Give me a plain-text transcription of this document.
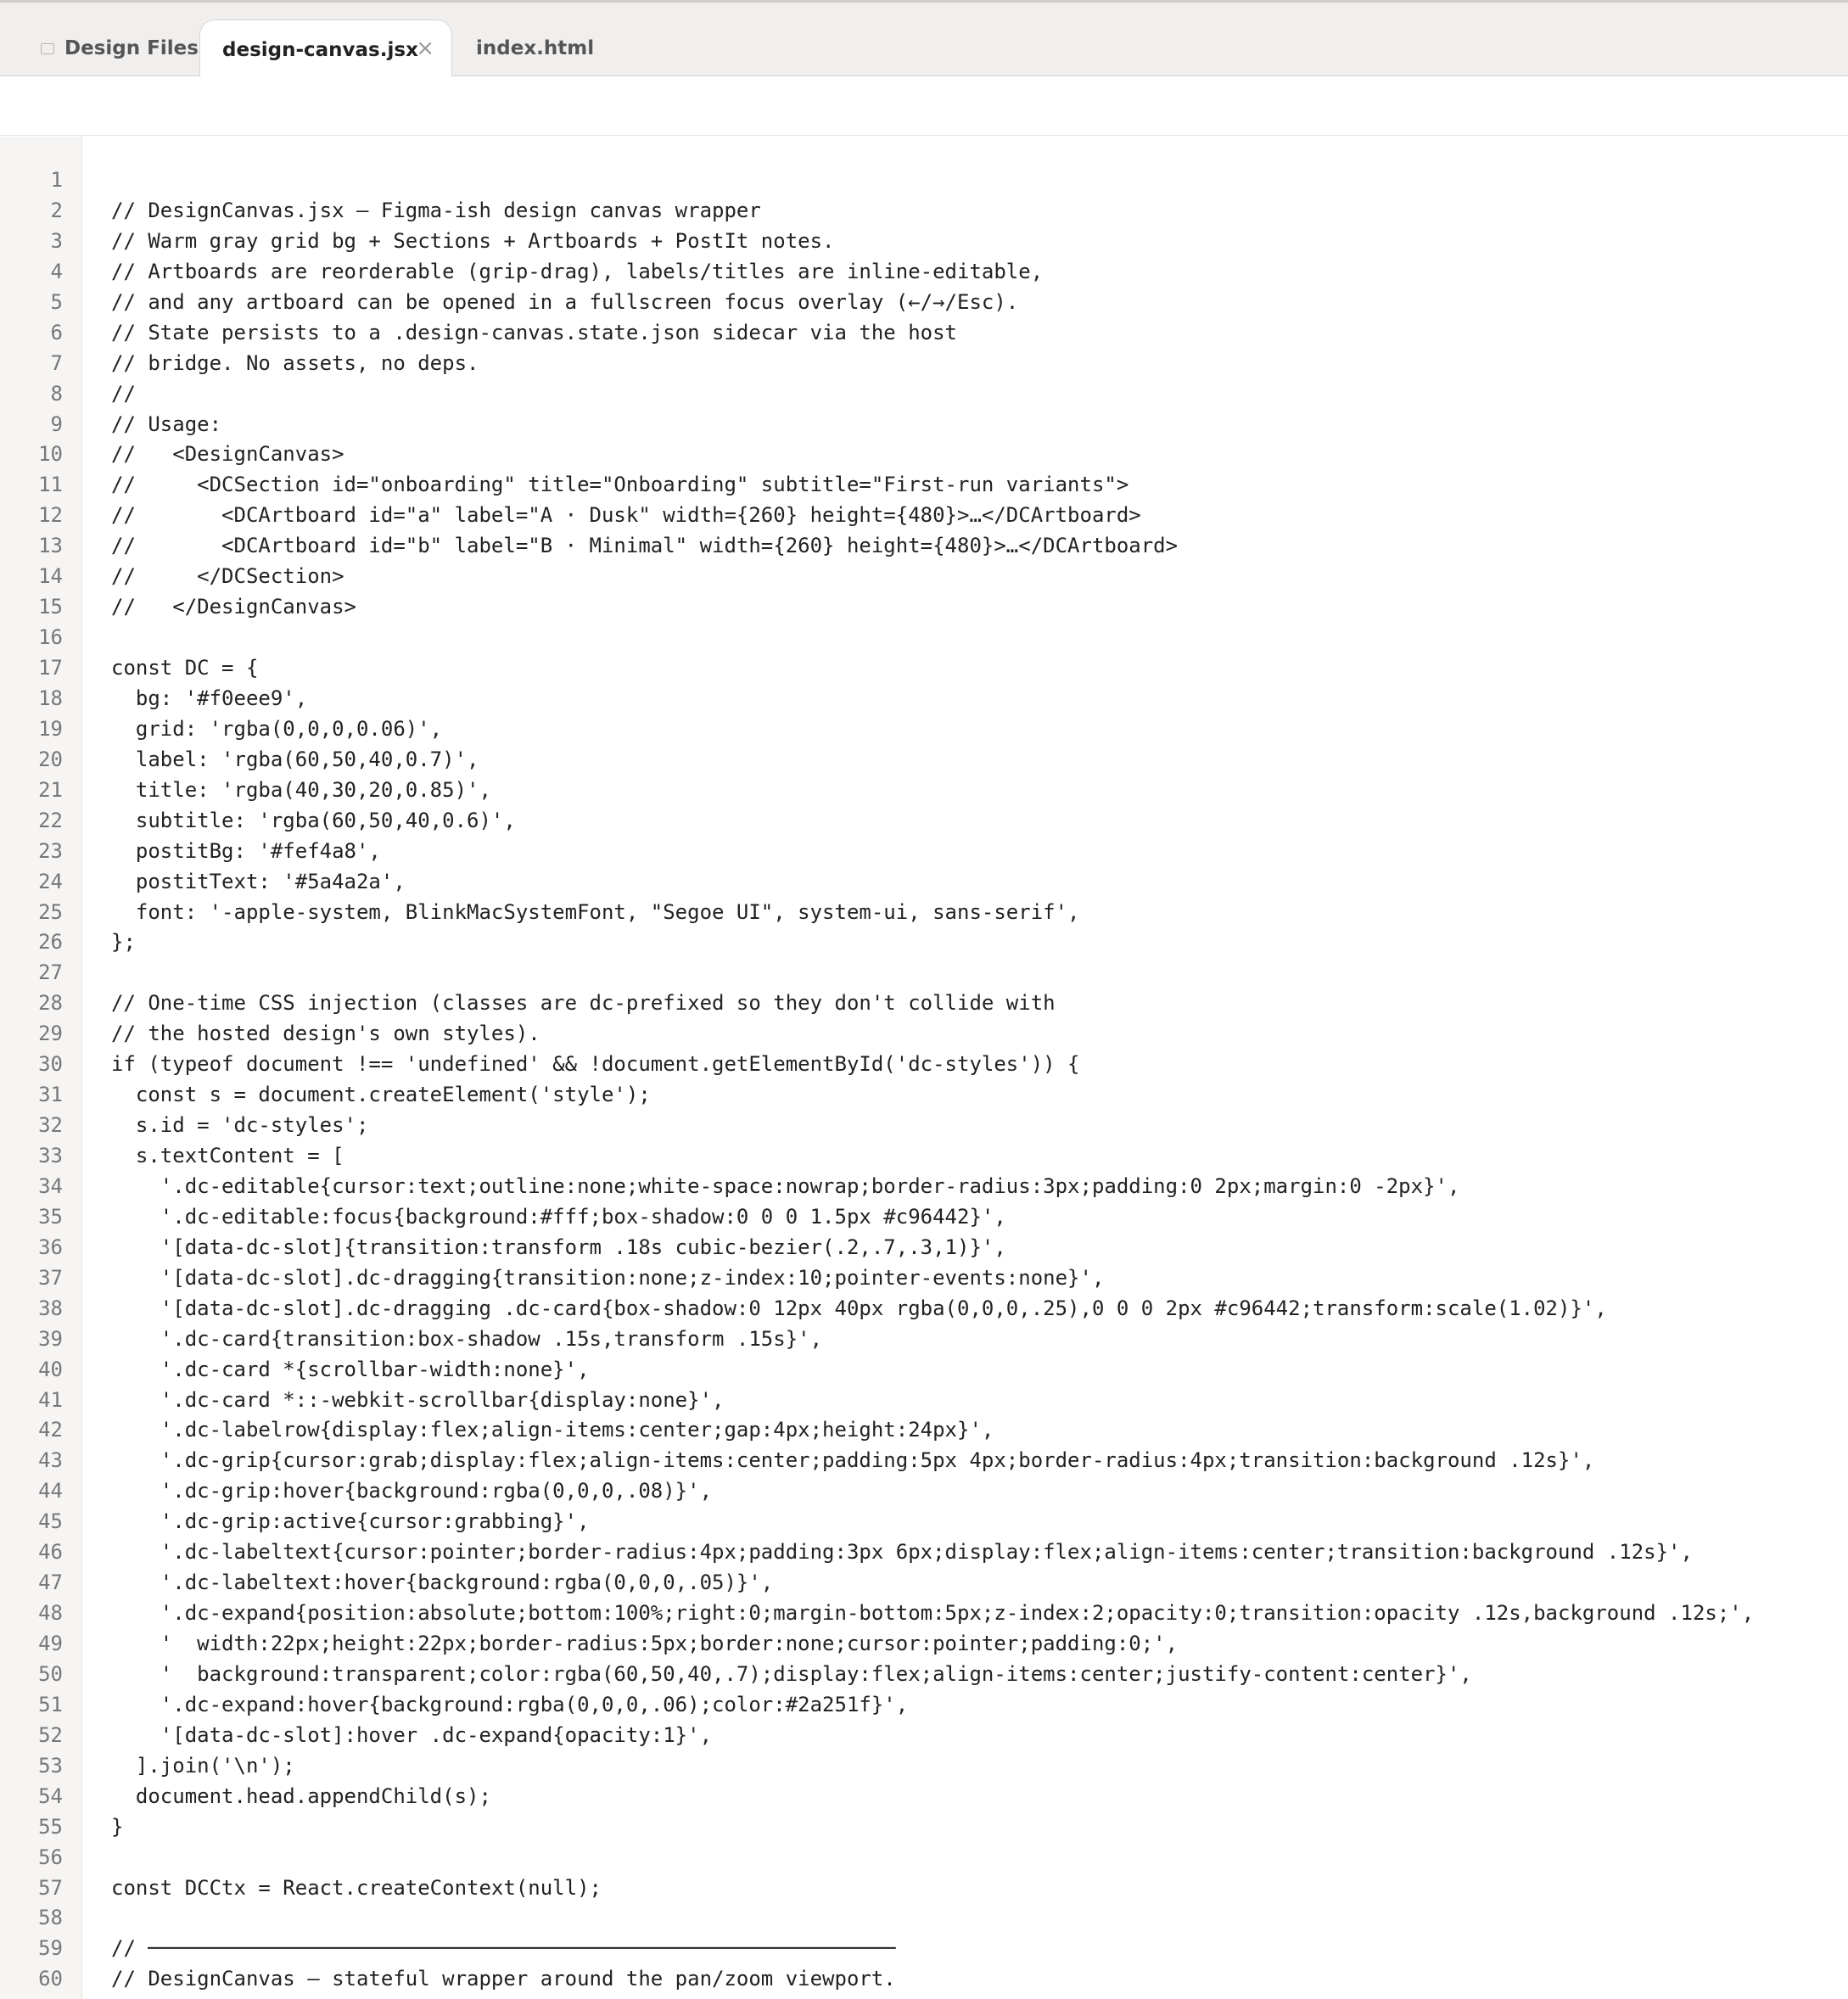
Design Files design-canvas.jsx
× index.html
1
2 // DesignCanvas.jsx — Figma-ish design canvas wrapper
3 // Warm gray grid bg + Sections + Artboards + PostIt notes.
4 // Artboards are reorderable (grip-drag), labels/titles are inline-editable,
5 // and any artboard can be opened in a fullscreen focus overlay (←/→/Esc).
6 // State persists to a .design-canvas.state.json sidecar via the host
7 // bridge. No assets, no deps.
8 //
9 // Usage:
10 //   <DesignCanvas>
11 //     <DCSection id="onboarding" title="Onboarding" subtitle="First-run variants">
12 //       <DCArtboard id="a" label="A · Dusk" width={260} height={480}>…</DCArtboard>
13 //       <DCArtboard id="b" label="B · Minimal" width={260} height={480}>…</DCArtboard>
14 //     </DCSection>
15 //   </DesignCanvas>
16
17 const DC = {
18 bg: '#f0eee9',
19 grid: 'rgba(0,0,0,0.06)',
20 label: 'rgba(60,50,40,0.7)',
21 title: 'rgba(40,30,20,0.85)',
22 subtitle: 'rgba(60,50,40,0.6)',
23 postitBg: '#fef4a8',
24 postitText: '#5a4a2a',
25 font: '-apple-system, BlinkMacSystemFont, "Segoe UI", system-ui, sans-serif',
26 };
27
28 // One-time CSS injection (classes are dc-prefixed so they don't collide with
29 // the hosted design's own styles).
30 if (typeof document !== 'undefined' && !document.getElementById('dc-styles')) {
31 const s = document.createElement('style');
32 s.id = 'dc-styles';
33 s.textContent = [
34 '.dc-editable{cursor:text;outline:none;white-space:nowrap;border-radius:3px;padding:0 2px;margin:0 -2px}',
35 '.dc-editable:focus{background:#fff;box-shadow:0 0 0 1.5px #c96442}',
36 '[data-dc-slot]{transition:transform .18s cubic-bezier(.2,.7,.3,1)}',
37 '[data-dc-slot].dc-dragging{transition:none;z-index:10;pointer-events:none}',
38 '[data-dc-slot].dc-dragging .dc-card{box-shadow:0 12px 40px rgba(0,0,0,.25),0 0 0 2px #c96442;transform:scale(1.02)}',
39 '.dc-card{transition:box-shadow .15s,transform .15s}',
40 '.dc-card *{scrollbar-width:none}',
41 '.dc-card *::-webkit-scrollbar{display:none}',
42 '.dc-labelrow{display:flex;align-items:center;gap:4px;height:24px}',
43 '.dc-grip{cursor:grab;display:flex;align-items:center;padding:5px 4px;border-radius:4px;transition:background .12s}',
44 '.dc-grip:hover{background:rgba(0,0,0,.08)}',
45 '.dc-grip:active{cursor:grabbing}',
46 '.dc-labeltext{cursor:pointer;border-radius:4px;padding:3px 6px;display:flex;align-items:center;transition:background .12s}',
47 '.dc-labeltext:hover{background:rgba(0,0,0,.05)}',
48 '.dc-expand{position:absolute;bottom:100%;right:0;margin-bottom:5px;z-index:2;opacity:0;transition:opacity .12s,background .12s;',
49 '  width:22px;height:22px;border-radius:5px;border:none;cursor:pointer;padding:0;',
50 '  background:transparent;color:rgba(60,50,40,.7);display:flex;align-items:center;justify-content:center}',
51 '.dc-expand:hover{background:rgba(0,0,0,.06);color:#2a251f}',
52 '[data-dc-slot]:hover .dc-expand{opacity:1}',
53 ].join('\n');
54 document.head.appendChild(s);
55 }
56
57 const DCCtx = React.createContext(null);
58
59 // ─────────────────────────────────────────────────────────────
60 // DesignCanvas — stateful wrapper around the pan/zoom viewport.
